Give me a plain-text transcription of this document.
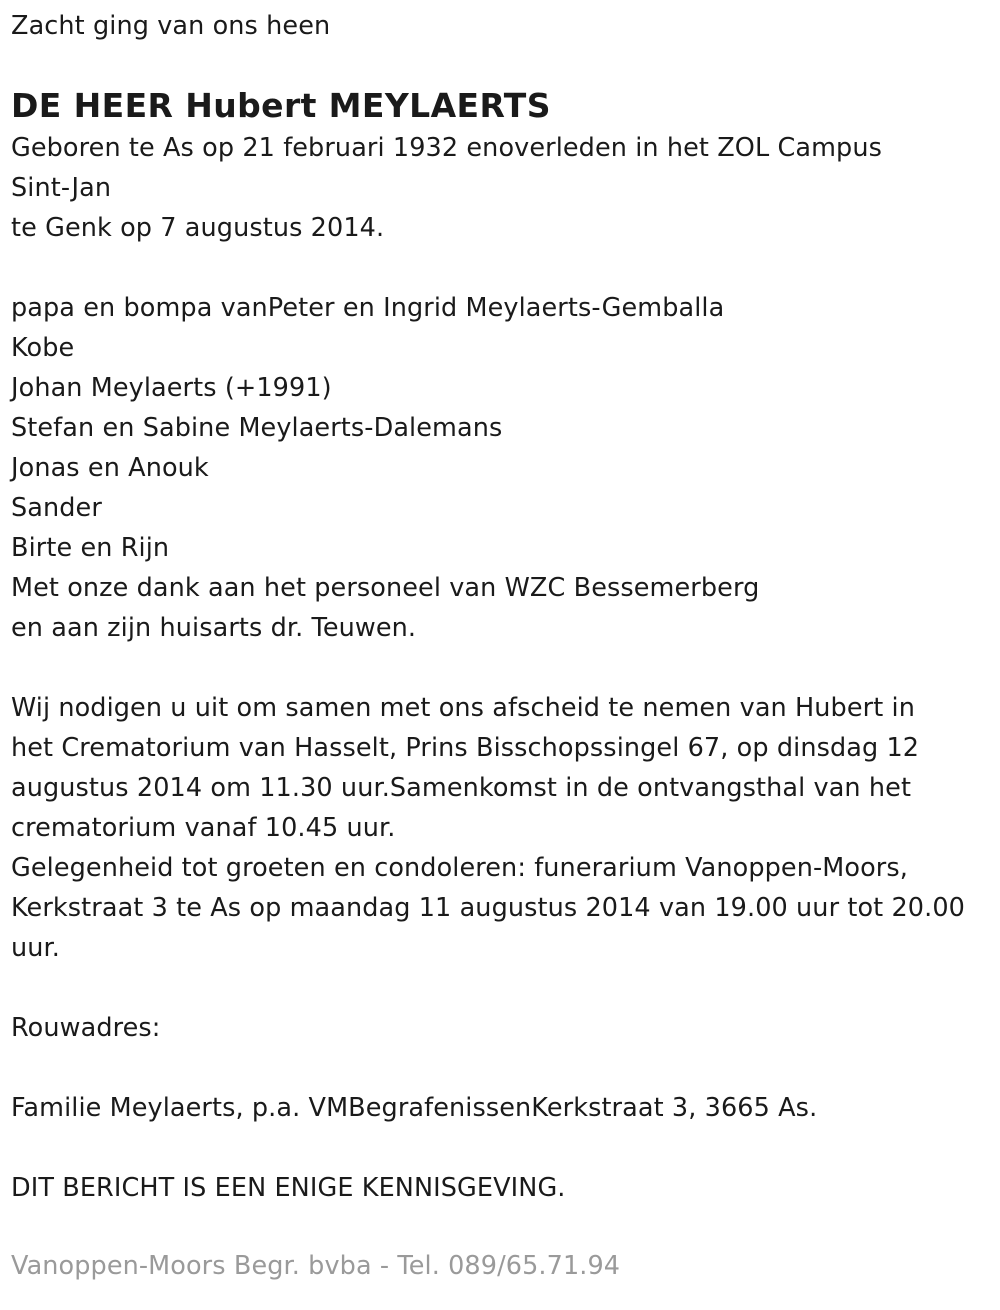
Zacht ging van ons heen
DE HEER Hubert MEYLAERTS
Geboren te As op 21 februari 1932 enoverleden in het ZOL Campus
Sint-Jan
te Genk op 7 augustus 2014.
papa en bompa vanPeter en Ingrid Meylaerts-Gemballa
Kobe
Johan Meylaerts (+1991)
Stefan en Sabine Meylaerts-Dalemans
Jonas en Anouk
Sander
Birte en Rijn
Met onze dank aan het personeel van WZC Bessemerberg
en aan zijn huisarts dr. Teuwen.
Wij nodigen u uit om samen met ons afscheid te nemen van Hubert in
het Crematorium van Hasselt, Prins Bisschopssingel 67, op dinsdag 12
augustus 2014 om 11.30 uur.Samenkomst in de ontvangsthal van het
crematorium vanaf 10.45 uur.
Gelegenheid tot groeten en condoleren: funerarium Vanoppen-Moors,
Kerkstraat 3 te As op maandag 11 augustus 2014 van 19.00 uur tot 20.00
uur.
Rouwadres:
Familie Meylaerts, p.a. VMBegrafenissenKerkstraat 3, 3665 As.
DIT BERICHT IS EEN ENIGE KENNISGEVING.
Vanoppen-Moors Begr. bvba - Tel. 089/65.71.94
